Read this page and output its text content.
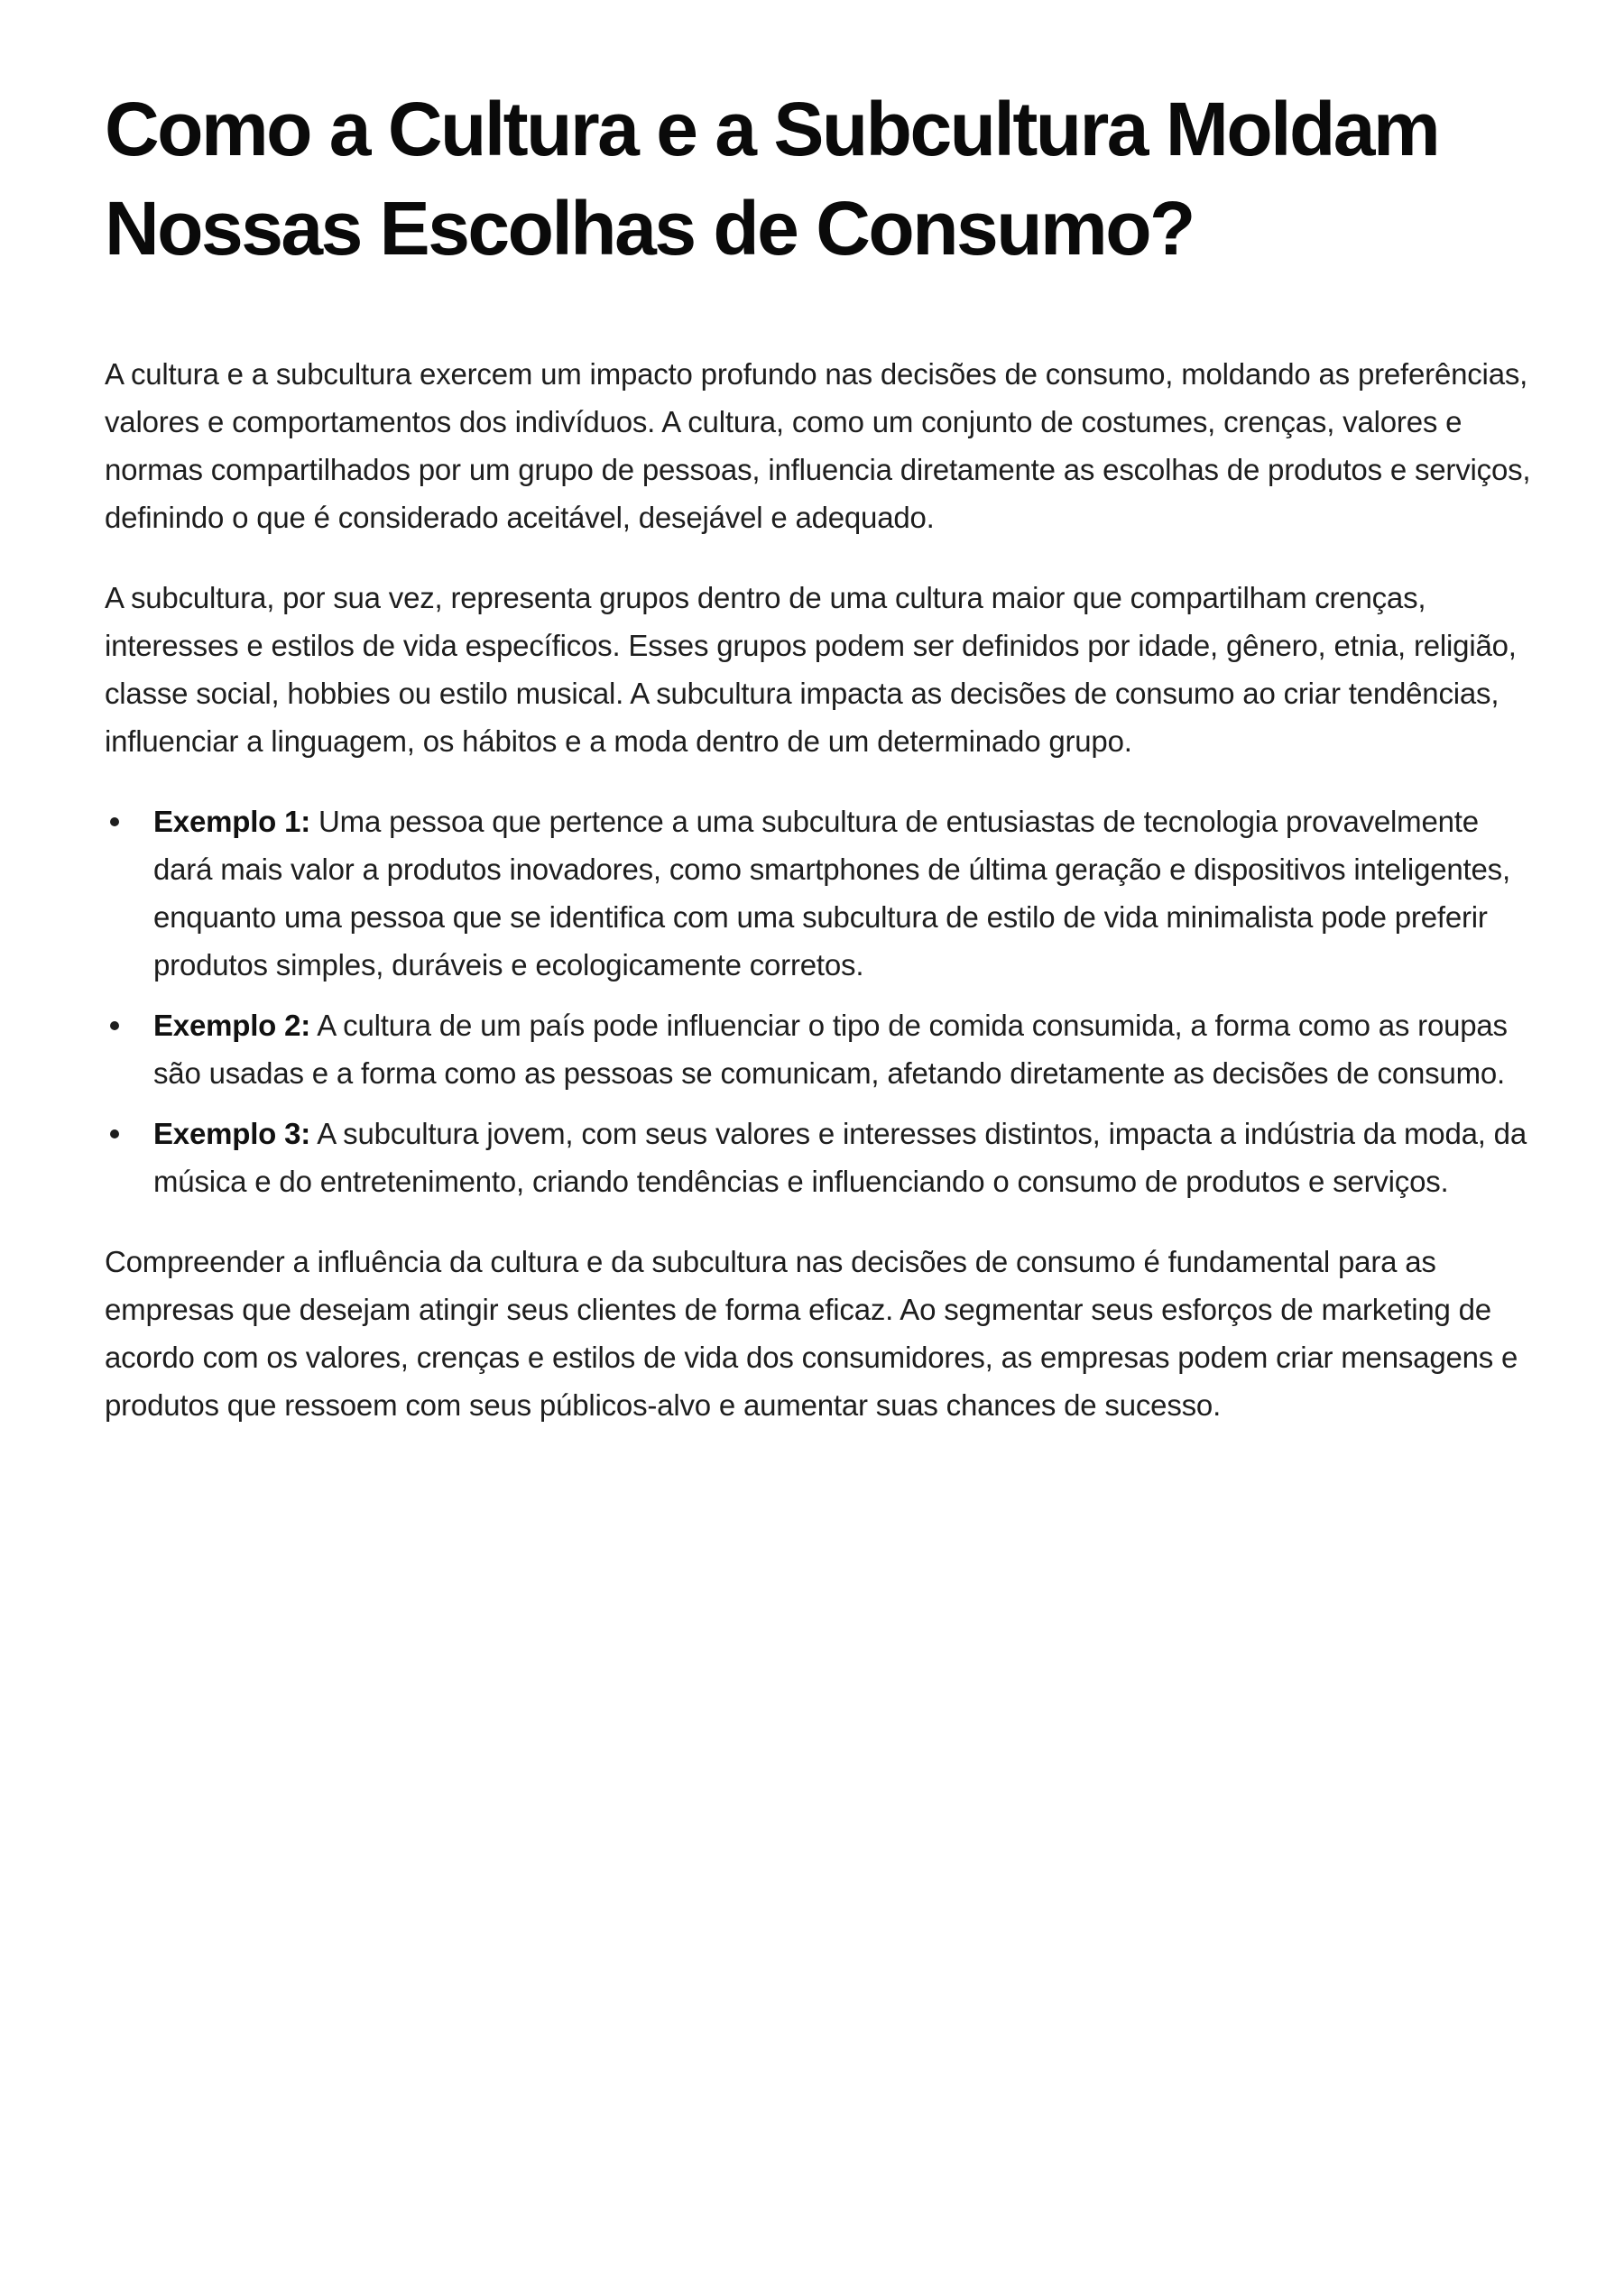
Como a Cultura e a Subcultura Moldam Nossas Escolhas de Consumo?

A cultura e a subcultura exercem um impacto profundo nas decisões de consumo, moldando as preferências, valores e comportamentos dos indivíduos. A cultura, como um conjunto de costumes, crenças, valores e normas compartilhados por um grupo de pessoas, influencia diretamente as escolhas de produtos e serviços, definindo o que é considerado aceitável, desejável e adequado.

A subcultura, por sua vez, representa grupos dentro de uma cultura maior que compartilham crenças, interesses e estilos de vida específicos. Esses grupos podem ser definidos por idade, gênero, etnia, religião, classe social, hobbies ou estilo musical. A subcultura impacta as decisões de consumo ao criar tendências, influenciar a linguagem, os hábitos e a moda dentro de um determinado grupo.

Exemplo 1: Uma pessoa que pertence a uma subcultura de entusiastas de tecnologia provavelmente dará mais valor a produtos inovadores, como smartphones de última geração e dispositivos inteligentes, enquanto uma pessoa que se identifica com uma subcultura de estilo de vida minimalista pode preferir produtos simples, duráveis e ecologicamente corretos.
Exemplo 2: A cultura de um país pode influenciar o tipo de comida consumida, a forma como as roupas são usadas e a forma como as pessoas se comunicam, afetando diretamente as decisões de consumo.
Exemplo 3: A subcultura jovem, com seus valores e interesses distintos, impacta a indústria da moda, da música e do entretenimento, criando tendências e influenciando o consumo de produtos e serviços.

Compreender a influência da cultura e da subcultura nas decisões de consumo é fundamental para as empresas que desejam atingir seus clientes de forma eficaz. Ao segmentar seus esforços de marketing de acordo com os valores, crenças e estilos de vida dos consumidores, as empresas podem criar mensagens e produtos que ressoem com seus públicos-alvo e aumentar suas chances de sucesso.
